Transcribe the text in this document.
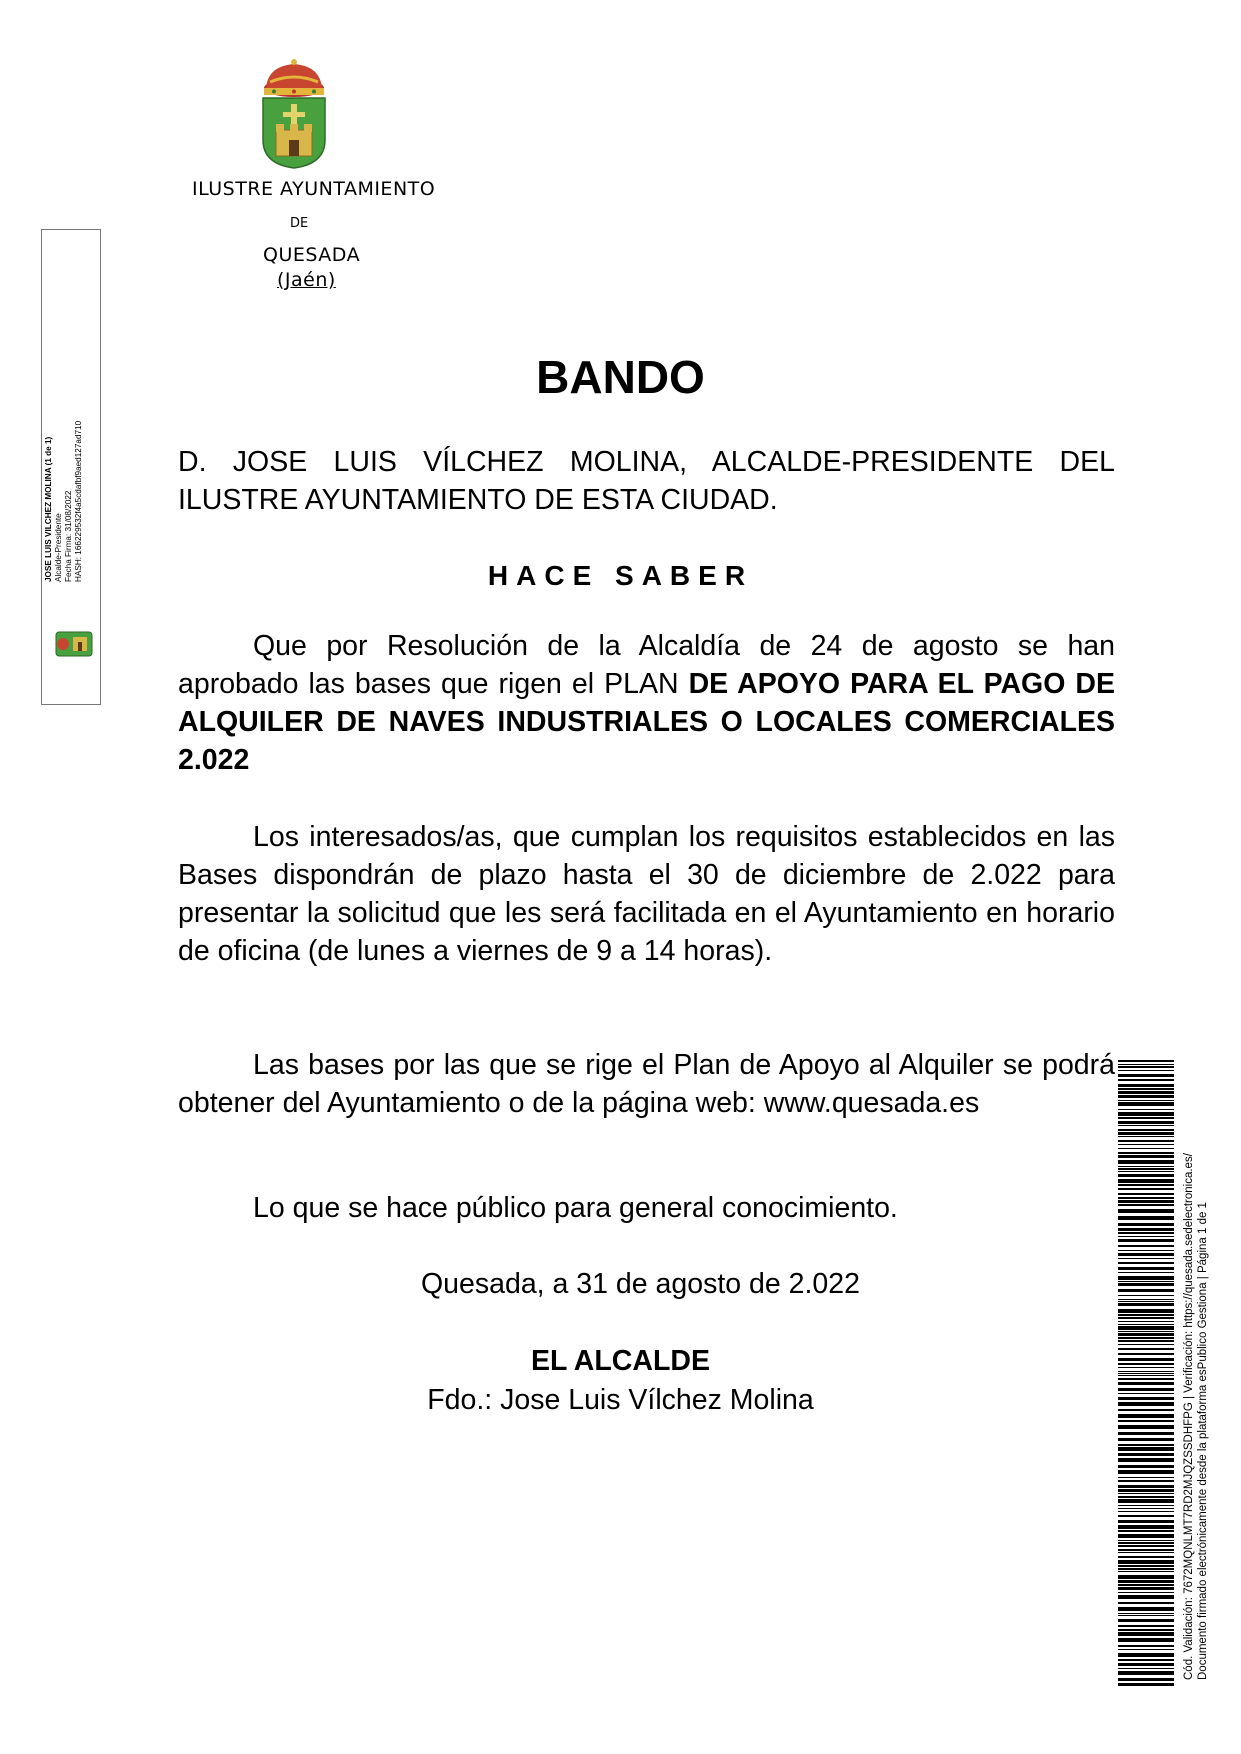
ILUSTRE AYUNTAMIENTO
DE
QUESADA
(Jaén)
JOSE LUIS VILCHEZ MOLINA (1 de 1) Alcalde-Presidente Fecha Firma: 31/08/2022 HASH: 166229532f4a5cdafbf9aed127ad710
BANDO
D. JOSE LUIS VÍLCHEZ MOLINA, ALCALDE-PRESIDENTE DEL ILUSTRE AYUNTAMIENTO DE ESTA CIUDAD.
HACE SABER
Que por Resolución de la Alcaldía de 24 de agosto se han aprobado las bases que rigen el PLAN DE APOYO PARA EL PAGO DE ALQUILER DE NAVES INDUSTRIALES O LOCALES COMERCIALES 2.022
Los interesados/as, que cumplan los requisitos establecidos en las Bases dispondrán de plazo hasta el 30 de diciembre de 2.022 para presentar la solicitud que les será facilitada en el Ayuntamiento en horario de oficina (de lunes a viernes de 9 a 14 horas).
Las bases por las que se rige el Plan de Apoyo al Alquiler se podrá obtener del Ayuntamiento o de la página web: www.quesada.es
Lo que se hace público para general conocimiento.
Quesada, a 31 de agosto de 2.022
EL ALCALDE
Fdo.: Jose Luis Vílchez Molina	Cód. Validación: 7672MQNLMT7RD2MJQZSSDHFPG | Verificación: https://quesada.sedelectronica.es/ Documento firmado electrónicamente desde la plataforma esPublico Gestiona | Página 1 de 1
